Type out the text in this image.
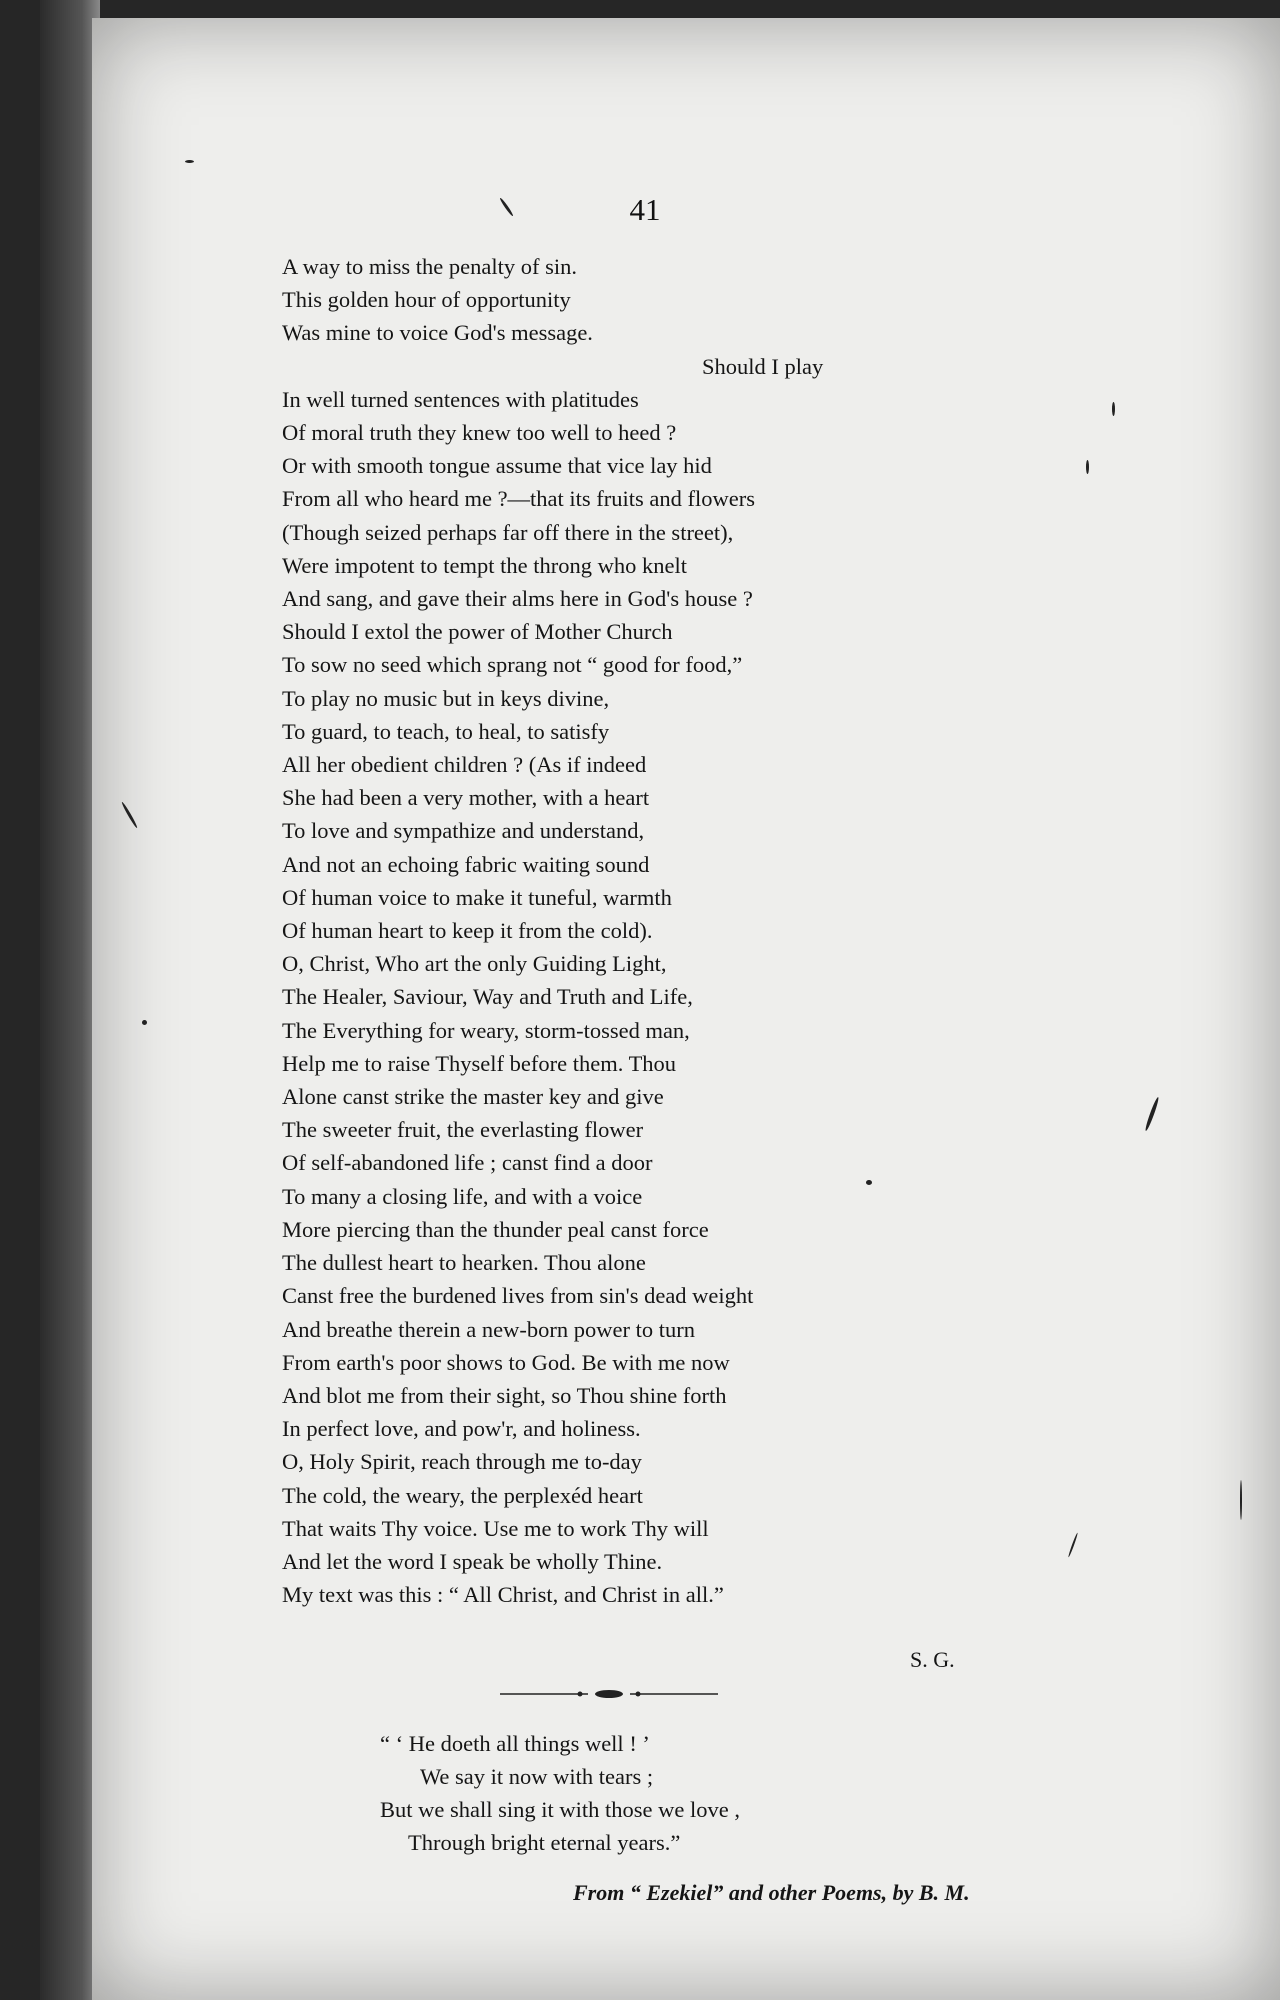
41
A way to miss the penalty of sin.
This golden hour of opportunity
Was mine to voice God's message.
Should I play
In well turned sentences with platitudes
Of moral truth they knew too well to heed ?
Or with smooth tongue assume that vice lay hid
From all who heard me ?—that its fruits and flowers
(Though seized perhaps far off there in the street),
Were impotent to tempt the throng who knelt
And sang, and gave their alms here in God's house ?
Should I extol the power of Mother Church
To sow no seed which sprang not “ good for food,”
To play no music but in keys divine,
To guard, to teach, to heal, to satisfy
All her obedient children ? (As if indeed
She had been a very mother, with a heart
To love and sympathize and understand,
And not an echoing fabric waiting sound
Of human voice to make it tuneful, warmth
Of human heart to keep it from the cold).
O, Christ, Who art the only Guiding Light,
The Healer, Saviour, Way and Truth and Life,
The Everything for weary, storm-tossed man,
Help me to raise Thyself before them. Thou
Alone canst strike the master key and give
The sweeter fruit, the everlasting flower
Of self-abandoned life ; canst find a door
To many a closing life, and with a voice
More piercing than the thunder peal canst force
The dullest heart to hearken. Thou alone
Canst free the burdened lives from sin's dead weight
And breathe therein a new-born power to turn
From earth's poor shows to God. Be with me now
And blot me from their sight, so Thou shine forth
In perfect love, and pow'r, and holiness.
O, Holy Spirit, reach through me to-day
The cold, the weary, the perplexéd heart
That waits Thy voice. Use me to work Thy will
And let the word I speak be wholly Thine.
My text was this : “ All Christ, and Christ in all.”
S. G.
“ ‘ He doeth all things well ! ’
We say it now with tears ;
But we shall sing it with those we love ,
Through bright eternal years.”
From “ Ezekiel” and other Poems, by B. M.
